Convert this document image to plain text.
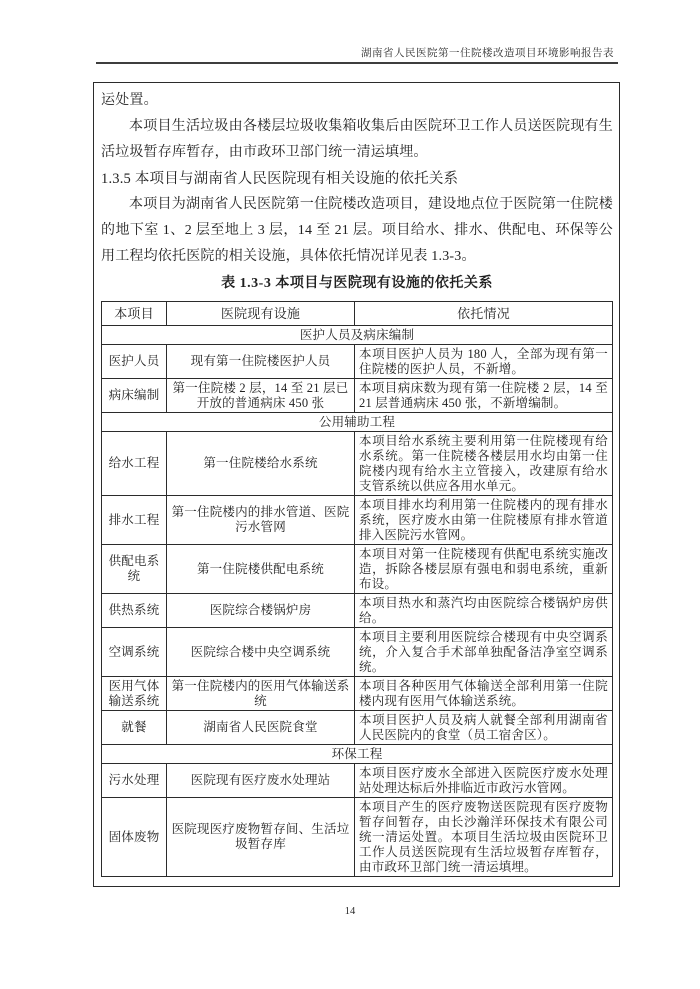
湖南省人民医院第一住院楼改造项目环境影响报告表

运处置。

本项目生活垃圾由各楼层垃圾收集箱收集后由医院环卫工作人员送医院现有生活垃圾暂存库暂存，由市政环卫部门统一清运填埋。

1.3.5 本项目与湖南省人民医院现有相关设施的依托关系

本项目为湖南省人民医院第一住院楼改造项目，建设地点位于医院第一住院楼的地下室 1、2 层至地上 3 层，14 至 21 层。项目给水、排水、供配电、环保等公用工程均依托医院的相关设施，具体依托情况详见表 1.3-3。

表 1.3-3 本项目与医院现有设施的依托关系

本项目	医院现有设施	依托情况
医护人员及病床编制		
医护人员	现有第一住院楼医护人员	本项目医护人员为 180 人，全部为现有第一住院楼的医护人员，不新增。
病床编制	第一住院楼 2 层，14 至 21 层已开放的普通病床 450 张	本项目病床数为现有第一住院楼 2 层，14 至 21 层普通病床 450 张，不新增编制。
公用辅助工程		
给水工程	第一住院楼给水系统	本项目给水系统主要利用第一住院楼现有给水系统。第一住院楼各楼层用水均由第一住院楼内现有给水主立管接入，改建原有给水支管系统以供应各用水单元。
排水工程	第一住院楼内的排水管道、医院污水管网	本项目排水均利用第一住院楼内的现有排水系统，医疗废水由第一住院楼原有排水管道排入医院污水管网。
供配电系统	第一住院楼供配电系统	本项目对第一住院楼现有供配电系统实施改造，拆除各楼层原有强电和弱电系统，重新布设。
供热系统	医院综合楼锅炉房	本项目热水和蒸汽均由医院综合楼锅炉房供给。
空调系统	医院综合楼中央空调系统	本项目主要利用医院综合楼现有中央空调系统，介入复合手术部单独配备洁净室空调系统。
医用气体输送系统	第一住院楼内的医用气体输送系统	本项目各种医用气体输送全部利用第一住院楼内现有医用气体输送系统。
就餐	湖南省人民医院食堂	本项目医护人员及病人就餐全部利用湖南省人民医院内的食堂（员工宿舍区）。
环保工程		
污水处理	医院现有医疗废水处理站	本项目医疗废水全部进入医院医疗废水处理站处理达标后外排临近市政污水管网。
固体废物	医院现医疗废物暂存间、生活垃圾暂存库	本项目产生的医疗废物送医院现有医疗废物暂存间暂存，由长沙瀚洋环保技术有限公司统一清运处置。本项目生活垃圾由医院环卫工作人员送医院现有生活垃圾暂存库暂存，由市政环卫部门统一清运填埋。
14
